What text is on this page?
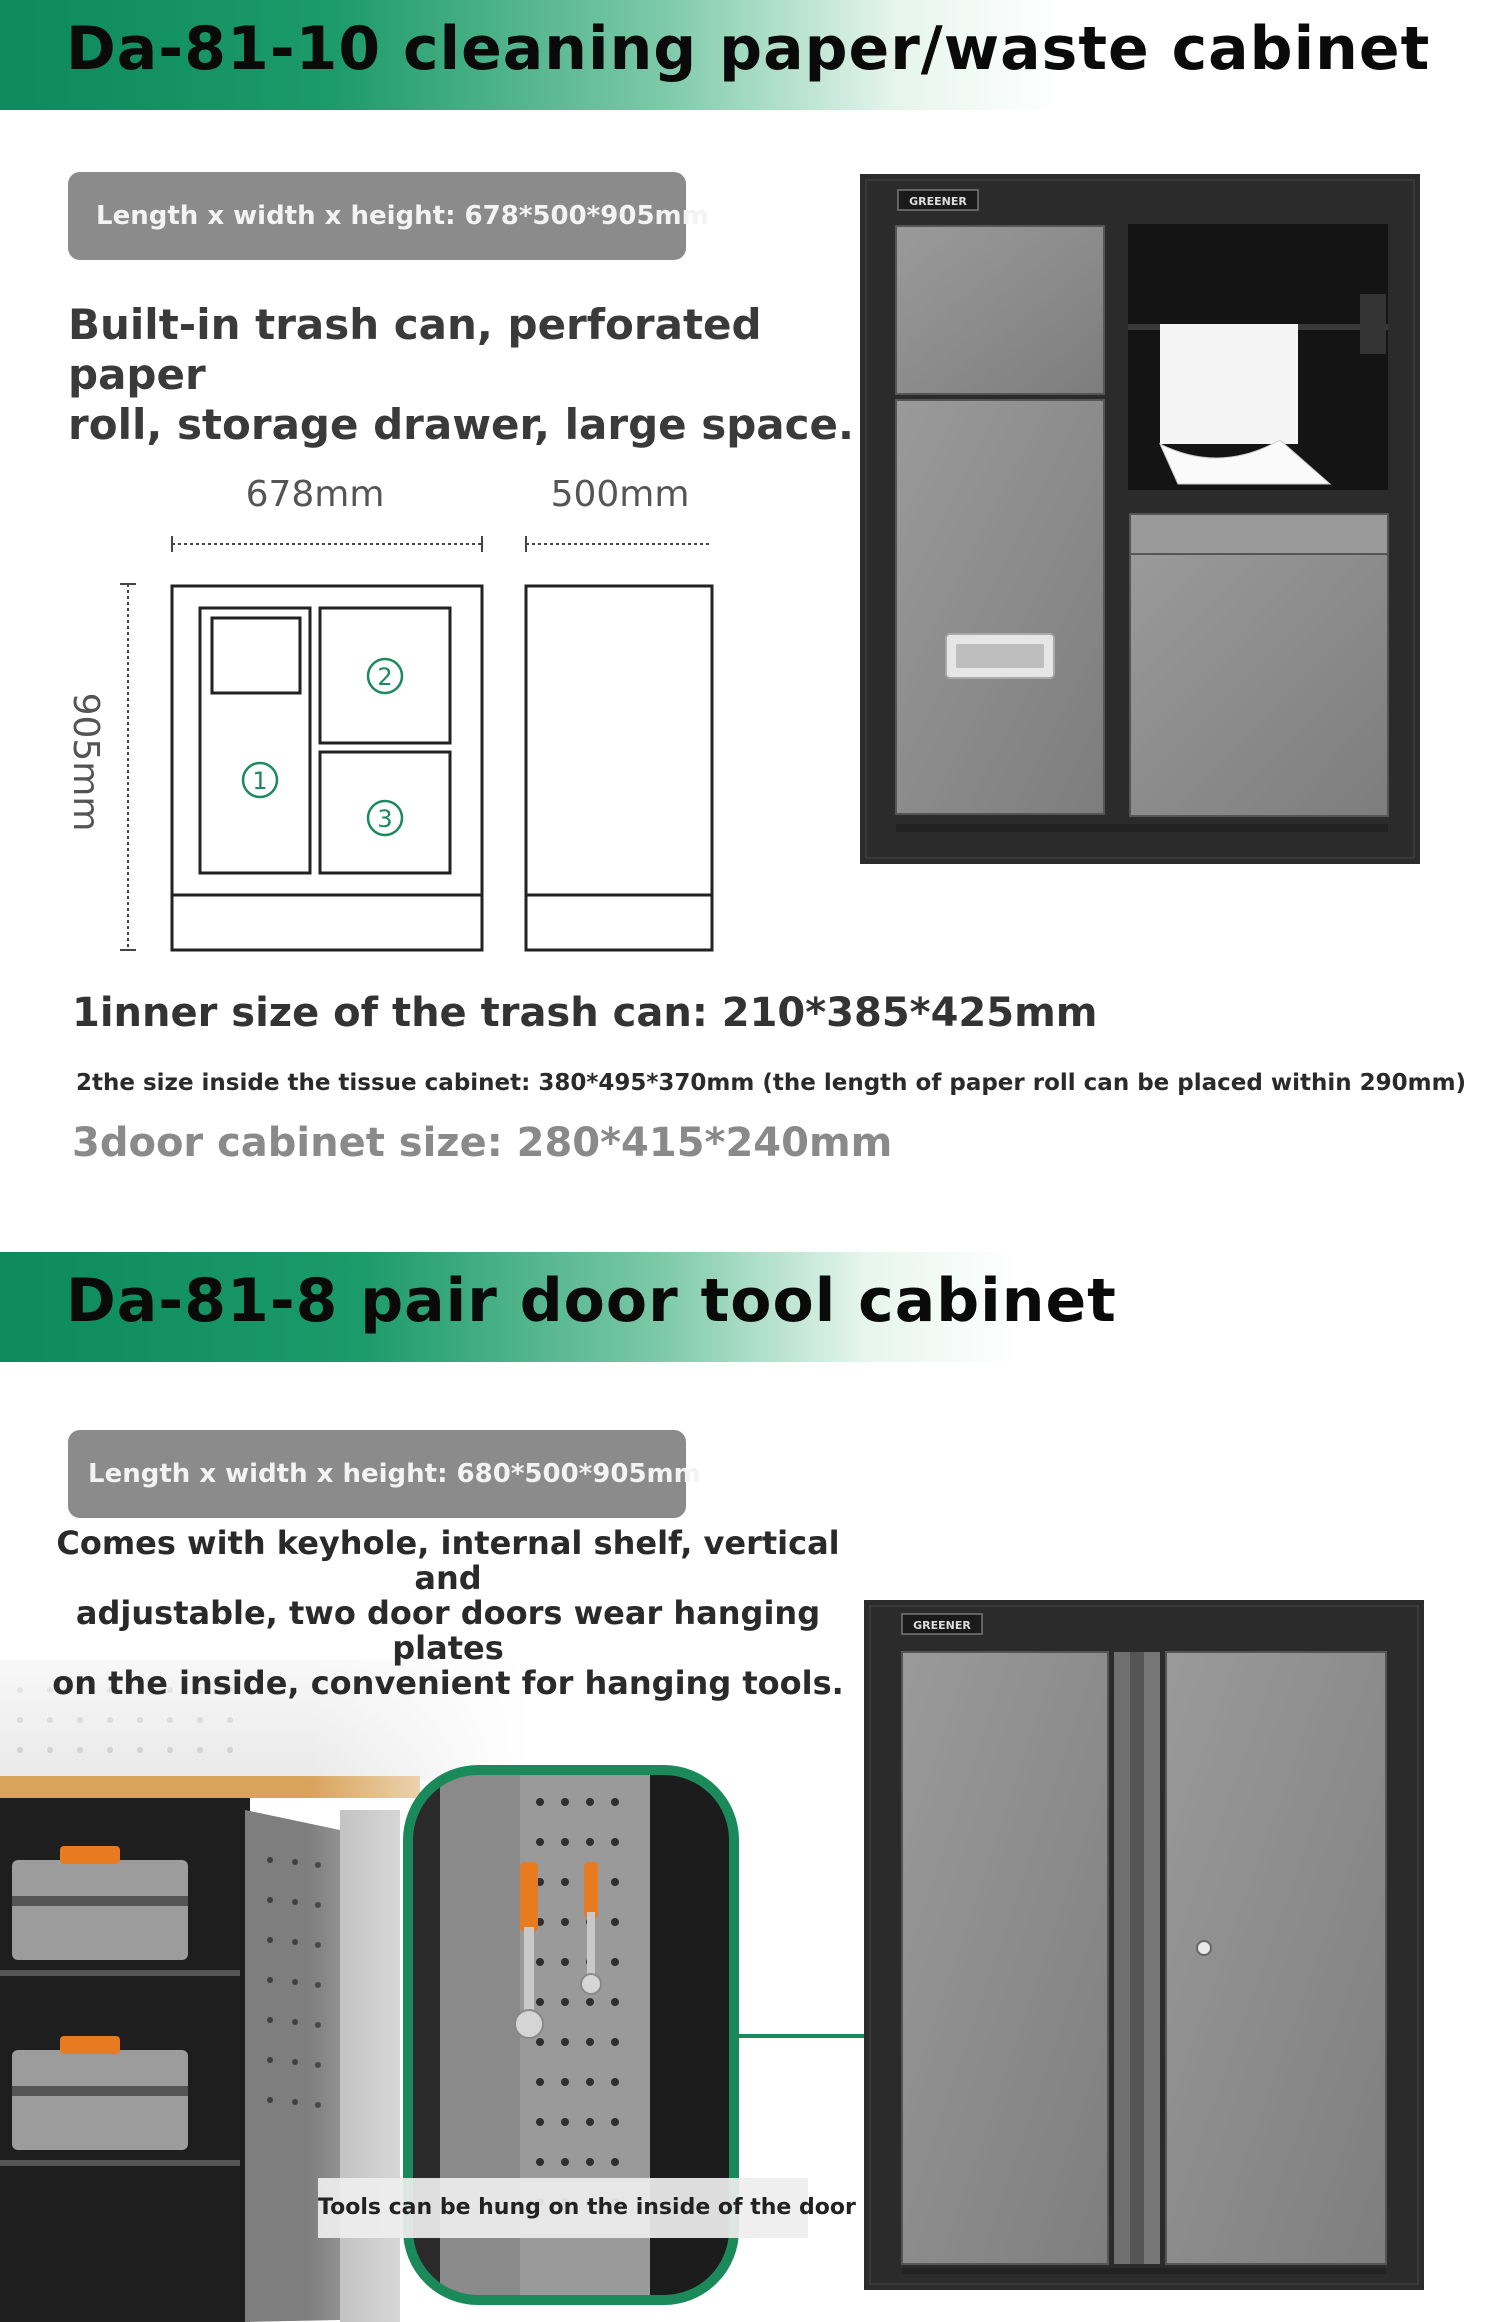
Da-81-10 cleaning paper/waste cabinet
Length x width x height: 678*500*905mm
Built-in trash can, perforated paper
roll, storage drawer, large space.
678mm	500mm
905mm	1
2
3
GREENER
1inner size of the trash can: 210*385*425mm
2the size inside the tissue cabinet: 380*495*370mm (the length of paper roll can be placed within 290mm)
3door cabinet size: 280*415*240mm
Da-81-8 pair door tool cabinet
Length x width x height: 680*500*905mm
Comes with keyhole, internal shelf, vertical and
adjustable, two door doors wear hanging plates
on the inside, convenient for hanging tools.
Tools can be hung on the inside of the door
GREENER
